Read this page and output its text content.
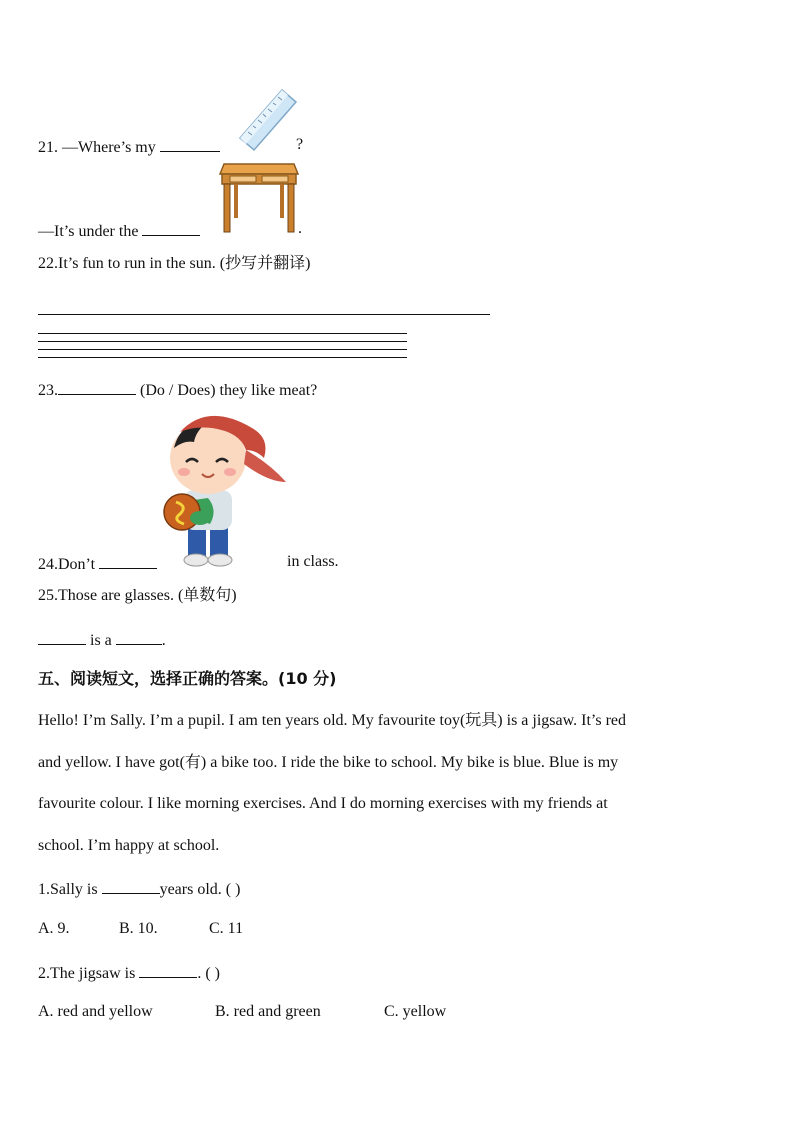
21. —Where’s my	?
—It’s under the	.
22.It’s fun to run in the sun. (抄写并翻译)
23.	(Do / Does) they like meat?
24.Don’t	in class.
25.Those are glasses. (单数句)
is a	.
五、阅读短文，选择正确的答案。(10 分)
Hello! I’m Sally. I’m a pupil. I am ten years old. My favourite toy(玩具) is a jigsaw. It’s red
and yellow. I have got(有) a bike too. I ride the bike to school. My bike is blue. Blue is my
favourite colour. I like morning exercises. And I do morning exercises with my friends at
school. I’m happy at school.
1.Sally is	years old. ( )
A. 9.	B. 10.	C. 11
2.The jigsaw is	. ( )
A. red and yellow	B. red and green	C. yellow
